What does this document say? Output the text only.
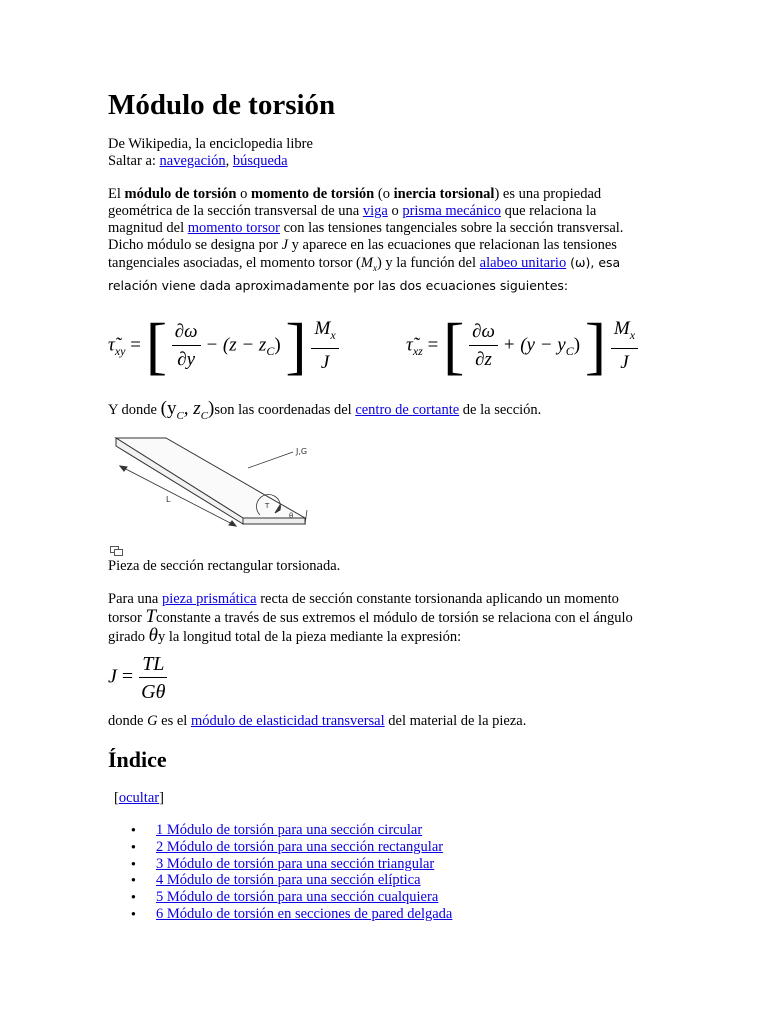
Módulo de torsión
De Wikipedia, la enciclopedia libre
Saltar a: navegación, búsqueda

El módulo de torsión o momento de torsión (o inercia torsional) es una propiedad geométrica de la sección transversal de una viga o prisma mecánico que relaciona la magnitud del momento torsor con las tensiones tangenciales sobre la sección transversal. Dicho módulo se designa por J y aparece en las ecuaciones que relacionan las tensiones tangenciales asociadas, el momento torsor $(M_x)$ y la función del alabeo unitario (ω), esa relación viene dada aproximadamente por las dos ecuaciones siguientes:

$\taũ_{xy}$ = [ $\frac{\partial\omega}{\partial y} - (z - z_C)$ ] $\frac{M_x}{J}$	$\taũ_{xz}$ = [ $\frac{\partial\omega}{\partial z} + (y - y_C)$ ] $\frac{M_x}{J}$
Y donde ($y_C$, $z_C)son$ las coordenadas del centro de cortante de la sección.
J,G
L
T
θ
Pieza de sección rectangular torsionada.

Para una pieza prismática recta de sección constante torsionanda aplicando un momento torsor Tconstante a través de sus extremos el módulo de torsión se relaciona con el ángulo girado θy la longitud total de la pieza mediante la expresión:

$J = \frac{TL}{G\theta}$
donde G es el módulo de elasticidad transversal del material de la pieza.
Índice
[ocultar]
● 1 Módulo de torsión para una sección circular
● 2 Módulo de torsión para una sección rectangular
● 3 Módulo de torsión para una sección triangular
● 4 Módulo de torsión para una sección elíptica
● 5 Módulo de torsión para una sección cualquiera
● 6 Módulo de torsión en secciones de pared delgada
